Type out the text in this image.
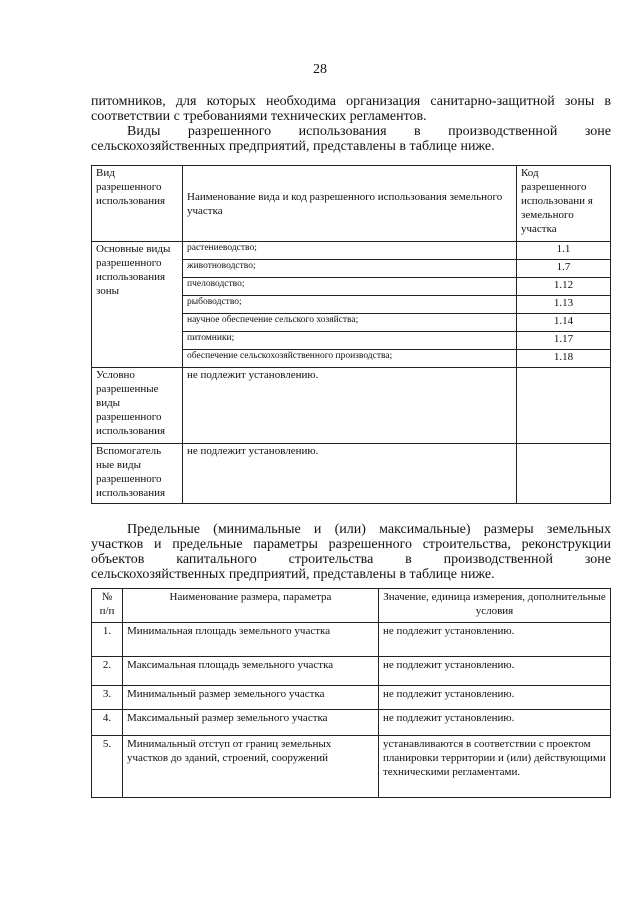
28

питомников, для которых необходима организация санитарно-защитной зоны в
соответствии с требованиями технических регламентов.
Виды разрешенного использования в производственной зоне
сельскохозяйственных предприятий, представлены в таблице ниже.

Вид разрешенного использования	Наименование вида и код разрешенного использования земельного участка	Код разрешенного использовани я земельного участка
Основные виды разрешенного использования зоны	растениеводство;	1.1
	животноводство;	1.7
	пчеловодство;	1.12
	рыбоводство;	1.13
	научное обеспечение сельского хозяйства;	1.14
	питомники;	1.17
	обеспечение сельскохозяйственного производства;	1.18
Условно разрешенные виды разрешенного использования	не подлежит установлению.	
Вспомогатель ные виды разрешенного использования	не подлежит установлению.	

Предельные (минимальные и (или) максимальные) размеры земельных
участков и предельные параметры разрешенного строительства, реконструкции
объектов капитального строительства в производственной зоне
сельскохозяйственных предприятий, представлены в таблице ниже.

№ п/п	Наименование размера, параметра	Значение, единица измерения, дополнительные условия
1.	Минимальная площадь земельного участка	не подлежит установлению.
2.	Максимальная площадь земельного участка	не подлежит установлению.
3.	Минимальный размер земельного участка	не подлежит установлению.
4.	Максимальный размер земельного участка	не подлежит установлению.
5.	Минимальный отступ от границ земельных участков до зданий, строений, сооружений	устанавливаются в соответствии с проектом планировки территории и (или) действующими техническими регламентами.
